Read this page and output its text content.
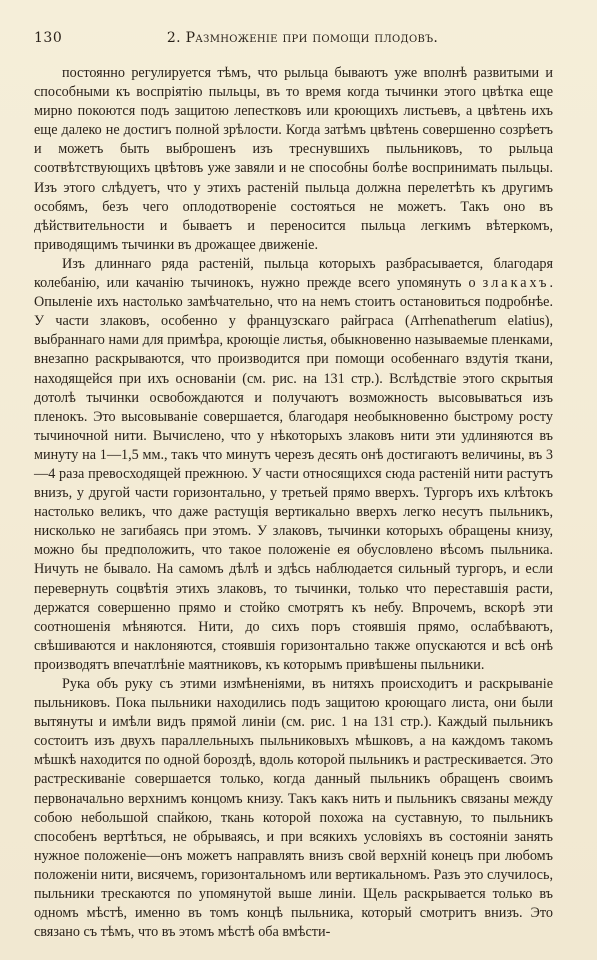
130	2. Размноженіе при помощи плодовъ.

постоянно регулируется тѣмъ, что рыльца бываютъ уже вполнѣ развитыми и способными къ воспріятію пыльцы, въ то время когда тычинки этого цвѣтка еще мирно покоются подъ защитою лепестковъ или кроющихъ листьевъ, а цвѣтень ихъ еще далеко не достигъ полной зрѣлости. Когда затѣмъ цвѣтень совершенно созрѣетъ и можетъ быть выброшенъ изъ треснувшихъ пыльниковъ, то рыльца соотвѣтствующихъ цвѣтовъ уже завяли и не способны болѣе воспринимать пыльцы. Изъ этого слѣдуетъ, что у этихъ растеній пыльца должна перелетѣть къ другимъ особямъ, безъ чего оплодотвореніе состояться не можетъ. Такъ оно въ дѣйствительности и бываетъ и переносится пыльца легкимъ вѣтеркомъ, приводящимъ тычинки въ дрожащее движеніе.

Изъ длиннаго ряда растеній, пыльца которыхъ разбрасывается, благодаря колебанію, или качанію тычинокъ, нужно прежде всего упомянуть о злакахъ. Опыленіе ихъ настолько замѣчательно, что на немъ стоитъ остановиться подробнѣе. У части злаковъ, особенно у французскаго райграса (Arrhenatherum elatius), выбраннаго нами для примѣра, кроющіе листья, обыкновенно называемые пленками, внезапно раскрываются, что производится при помощи особеннаго вздутія ткани, находящейся при ихъ основаніи (см. рис. на 131 стр.). Вслѣдствіе этого скрытыя дотолѣ тычинки освобождаются и получаютъ возможность высовываться изъ пленокъ. Это высовываніе совершается, благодаря необыкновенно быстрому росту тычиночной нити. Вычислено, что у нѣкоторыхъ злаковъ нити эти удлиняются въ минуту на 1—1,5 мм., такъ что минутъ черезъ десять онѣ достигаютъ величины, въ 3—4 раза превосходящей прежнюю. У части относящихся сюда растеній нити растутъ внизъ, у другой части горизонтально, у третьей прямо вверхъ. Тургоръ ихъ клѣтокъ настолько великъ, что даже растущія вертикально вверхъ легко несутъ пыльникъ, нисколько не загибаясь при этомъ. У злаковъ, тычинки которыхъ обращены книзу, можно бы предположить, что такое положеніе ея обусловлено вѣсомъ пыльника. Ничуть не бывало. На самомъ дѣлѣ и здѣсь наблюдается сильный тургоръ, и если перевернуть соцвѣтія этихъ злаковъ, то тычинки, только что переставшія расти, держатся совершенно прямо и стойко смотрятъ къ небу. Впрочемъ, вскорѣ эти соотношенія мѣняются. Нити, до сихъ поръ стоявшія прямо, ослабѣваютъ, свѣшиваются и наклоняются, стоявшія горизонтально также опускаются и всѣ онѣ производятъ впечатлѣніе маятниковъ, къ которымъ привѣшены пыльники.

Рука объ руку съ этими измѣненіями, въ нитяхъ происходитъ и раскрываніе пыльниковъ. Пока пыльники находились подъ защитою кроющаго листа, они были вытянуты и имѣли видъ прямой линіи (см. рис. 1 на 131 стр.). Каждый пыльникъ состоитъ изъ двухъ параллельныхъ пыльниковыхъ мѣшковъ, а на каждомъ такомъ мѣшкѣ находится по одной бороздѣ, вдоль которой пыльникъ и растрескивается. Это растрескиваніе совершается только, когда данный пыльникъ обращенъ своимъ первоначально верхнимъ концомъ книзу. Такъ какъ нить и пыльникъ связаны между собою небольшой спайкою, ткань которой похожа на суставную, то пыльникъ способенъ вертѣться, не обрываясь, и при всякихъ условіяхъ въ состояніи занять нужное положеніе—онъ можетъ направлять внизъ свой верхній конецъ при любомъ положеніи нити, висячемъ, горизонтальномъ или вертикальномъ. Разъ это случилось, пыльники трескаются по упомянутой выше линіи. Щель раскрывается только въ одномъ мѣстѣ, именно въ томъ концѣ пыльника, который смотритъ внизъ. Это связано съ тѣмъ, что въ этомъ мѣстѣ оба вмѣсти-
